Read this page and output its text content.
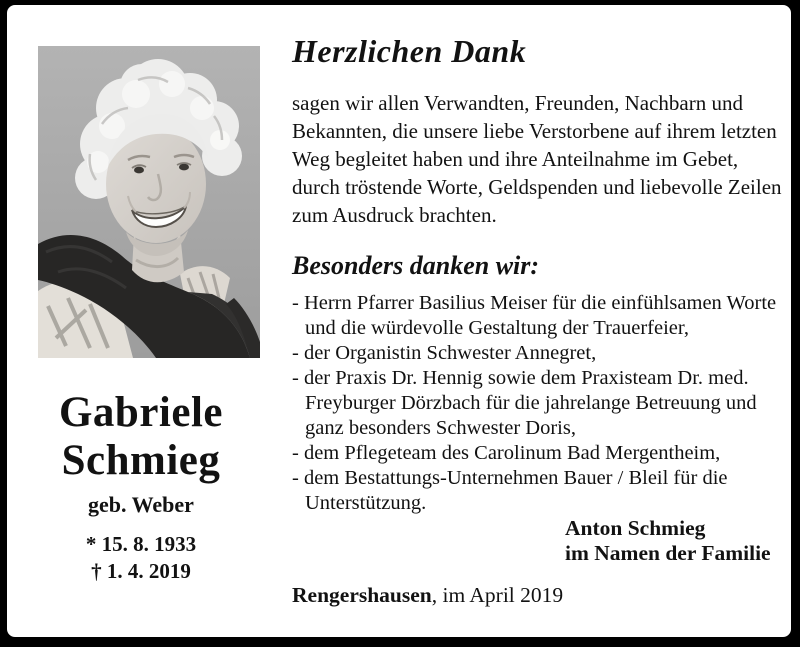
Gabriele
Schmieg
geb. Weber
* 15. 8. 1933
† 1. 4. 2019
Herzlichen Dank
sagen wir allen Verwandten, Freunden, Nachbarn und Bekannten, die unsere liebe Verstorbene auf ihrem letzten Weg begleitet haben und ihre Anteilnahme im Gebet, durch tröstende Worte, Geldspenden und liebevolle Zeilen zum Ausdruck brachten.
Besonders danken wir:
- Herrn Pfarrer Basilius Meiser für die einfühlsamen Worte und die würdevolle Gestaltung der Trauerfeier,
- der Organistin Schwester Annegret,
- der Praxis Dr. Hennig sowie dem Praxisteam Dr. med. Freyburger Dörzbach für die jahrelange Betreuung und ganz besonders Schwester Doris,
- dem Pflegeteam des Carolinum Bad Mergentheim,
- dem Bestattungs-Unternehmen Bauer / Bleil für die Unterstützung.
Anton Schmieg
im Namen der Familie
Rengershausen, im April 2019
